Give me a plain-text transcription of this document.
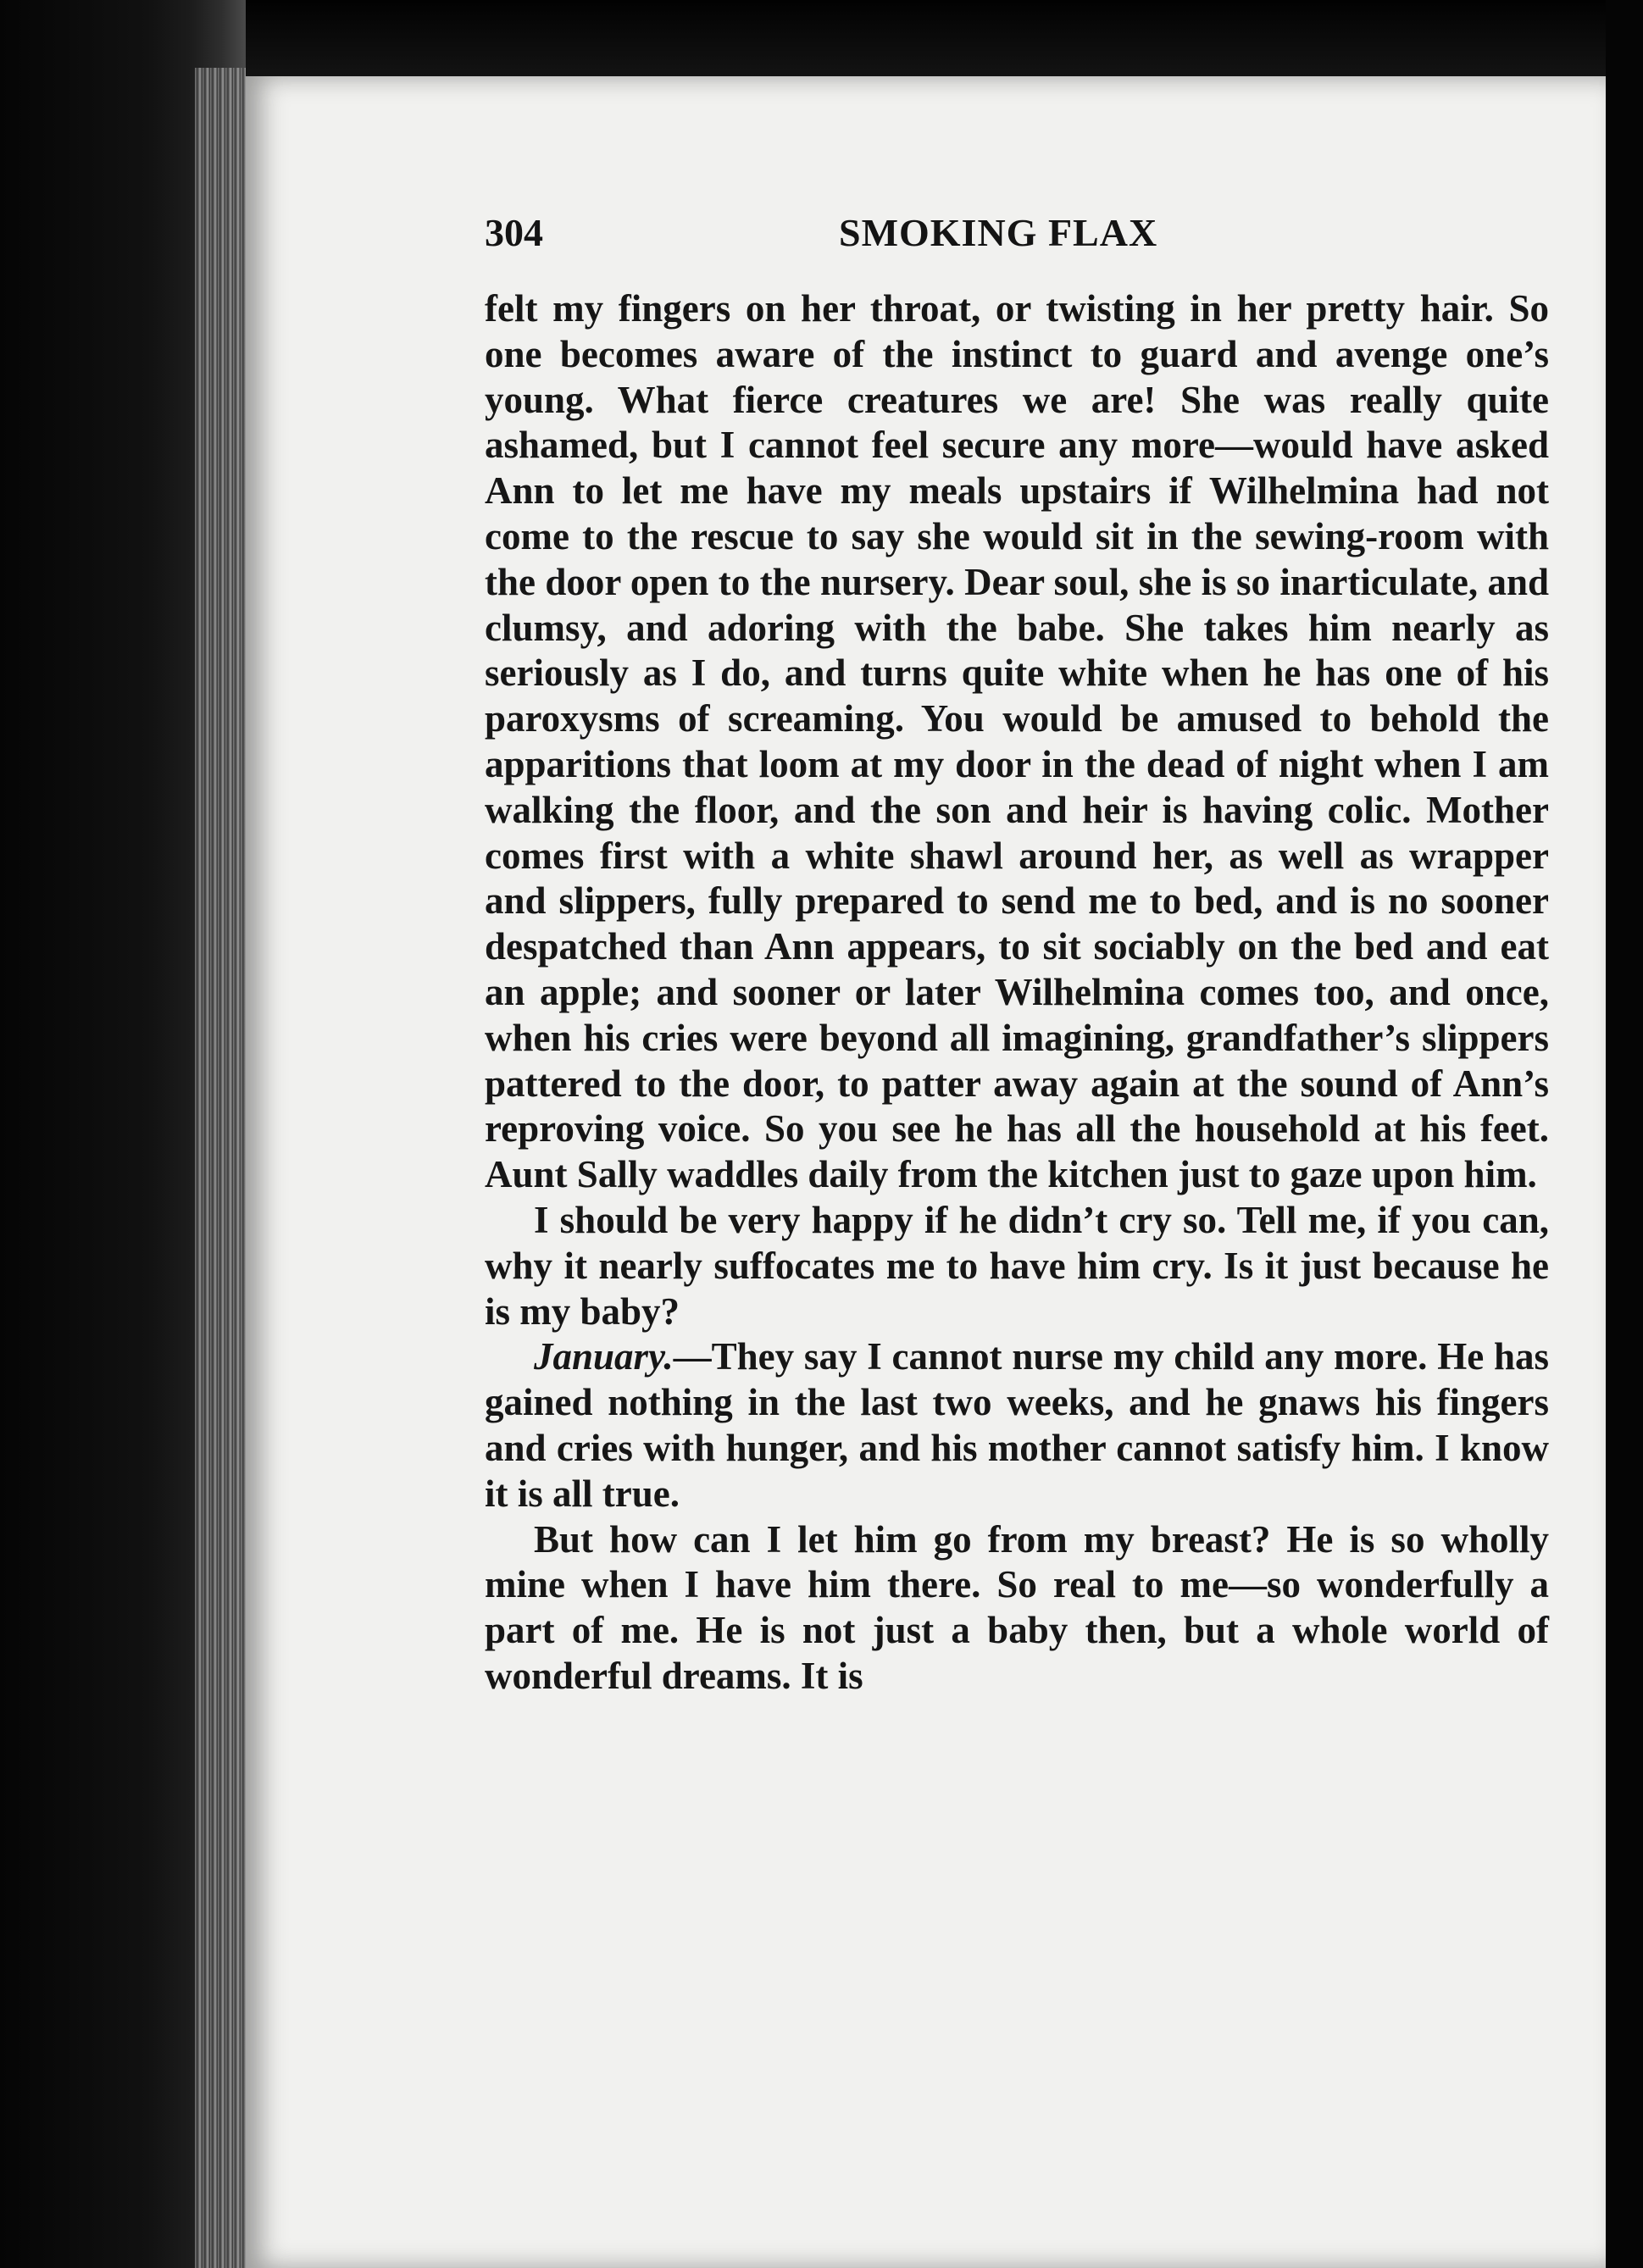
304	SMOKING FLAX

felt my fingers on her throat, or twisting in her pretty hair. So one becomes aware of the instinct to guard and avenge one’s young. What fierce creatures we are! She was really quite ashamed, but I cannot feel secure any more—would have asked Ann to let me have my meals upstairs if Wilhelmina had not come to the rescue to say she would sit in the sewing-room with the door open to the nursery. Dear soul, she is so inarticulate, and clumsy, and adoring with the babe. She takes him nearly as seriously as I do, and turns quite white when he has one of his paroxysms of screaming. You would be amused to behold the apparitions that loom at my door in the dead of night when I am walking the floor, and the son and heir is having colic. Mother comes first with a white shawl around her, as well as wrapper and slippers, fully prepared to send me to bed, and is no sooner despatched than Ann appears, to sit sociably on the bed and eat an apple; and sooner or later Wilhelmina comes too, and once, when his cries were beyond all imagining, grandfather’s slippers pattered to the door, to patter away again at the sound of Ann’s reproving voice. So you see he has all the household at his feet. Aunt Sally waddles daily from the kitchen just to gaze upon him.

I should be very happy if he didn’t cry so. Tell me, if you can, why it nearly suffocates me to have him cry. Is it just because he is my baby?

January.—They say I cannot nurse my child any more. He has gained nothing in the last two weeks, and he gnaws his fingers and cries with hunger, and his mother cannot satisfy him. I know it is all true.

But how can I let him go from my breast? He is so wholly mine when I have him there. So real to me—so wonderfully a part of me. He is not just a baby then, but a whole world of wonderful dreams. It is
